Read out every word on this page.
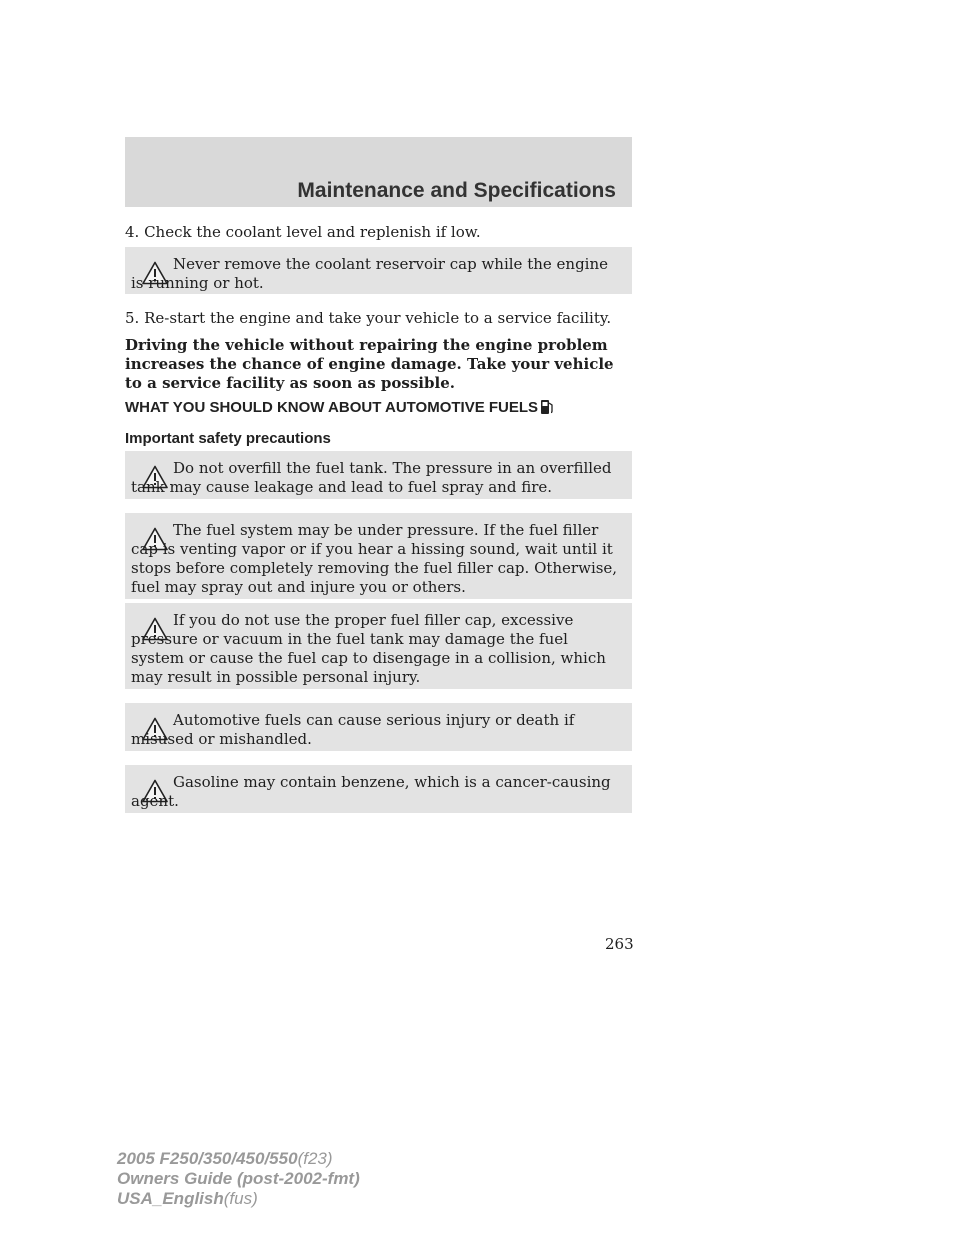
Maintenance and Specifications

4. Check the coolant level and replenish if low.

Never remove the coolant reservoir cap while the engine is running or hot.

5. Re-start the engine and take your vehicle to a service facility.

Driving the vehicle without repairing the engine problem increases the chance of engine damage. Take your vehicle to a service facility as soon as possible.

WHAT YOU SHOULD KNOW ABOUT AUTOMOTIVE FUELS
Important safety precautions

Do not overfill the fuel tank. The pressure in an overfilled tank may cause leakage and lead to fuel spray and fire.

The fuel system may be under pressure. If the fuel filler cap is venting vapor or if you hear a hissing sound, wait until it stops before completely removing the fuel filler cap. Otherwise, fuel may spray out and injure you or others.

If you do not use the proper fuel filler cap, excessive pressure or vacuum in the fuel tank may damage the fuel system or cause the fuel cap to disengage in a collision, which may result in possible personal injury.

Automotive fuels can cause serious injury or death if misused or mishandled.

Gasoline may contain benzene, which is a cancer-causing agent.

263
2005 F250/350/450/550(f23)
Owners Guide (post-2002-fmt)
USA_English(fus)
